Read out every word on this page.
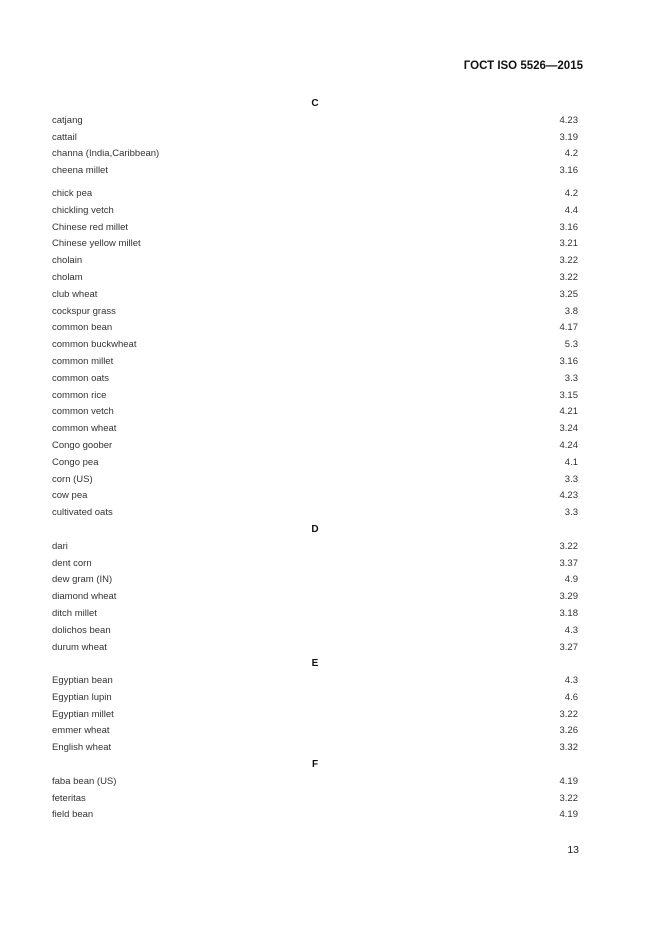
ГОСТ ISO 5526—2015
C
catjang	4.23
cattail	3.19
channa (India,Caribbean)	4.2
cheena millet	3.16
chick pea	4.2
chickling vetch	4.4
Chinese red millet	3.16
Chinese yellow millet	3.21
cholain	3.22
cholam	3.22
club wheat	3.25
cockspur grass	3.8
common bean	4.17
common buckwheat	5.3
common millet	3.16
common oats	3.3
common rice	3.15
common vetch	4.21
common wheat	3.24
Congo goober	4.24
Congo pea	4.1
corn (US)	3.3
cow pea	4.23
cultivated oats	3.3
D
dari	3.22
dent corn	3.37
dew gram (IN)	4.9
diamond wheat	3.29
ditch millet	3.18
dolichos bean	4.3
durum wheat	3.27
E
Egyptian bean	4.3
Egyptian lupin	4.6
Egyptian millet	3.22
emmer wheat	3.26
English wheat	3.32
F
faba bean (US)	4.19
feteritas	3.22
field bean	4.19
13
